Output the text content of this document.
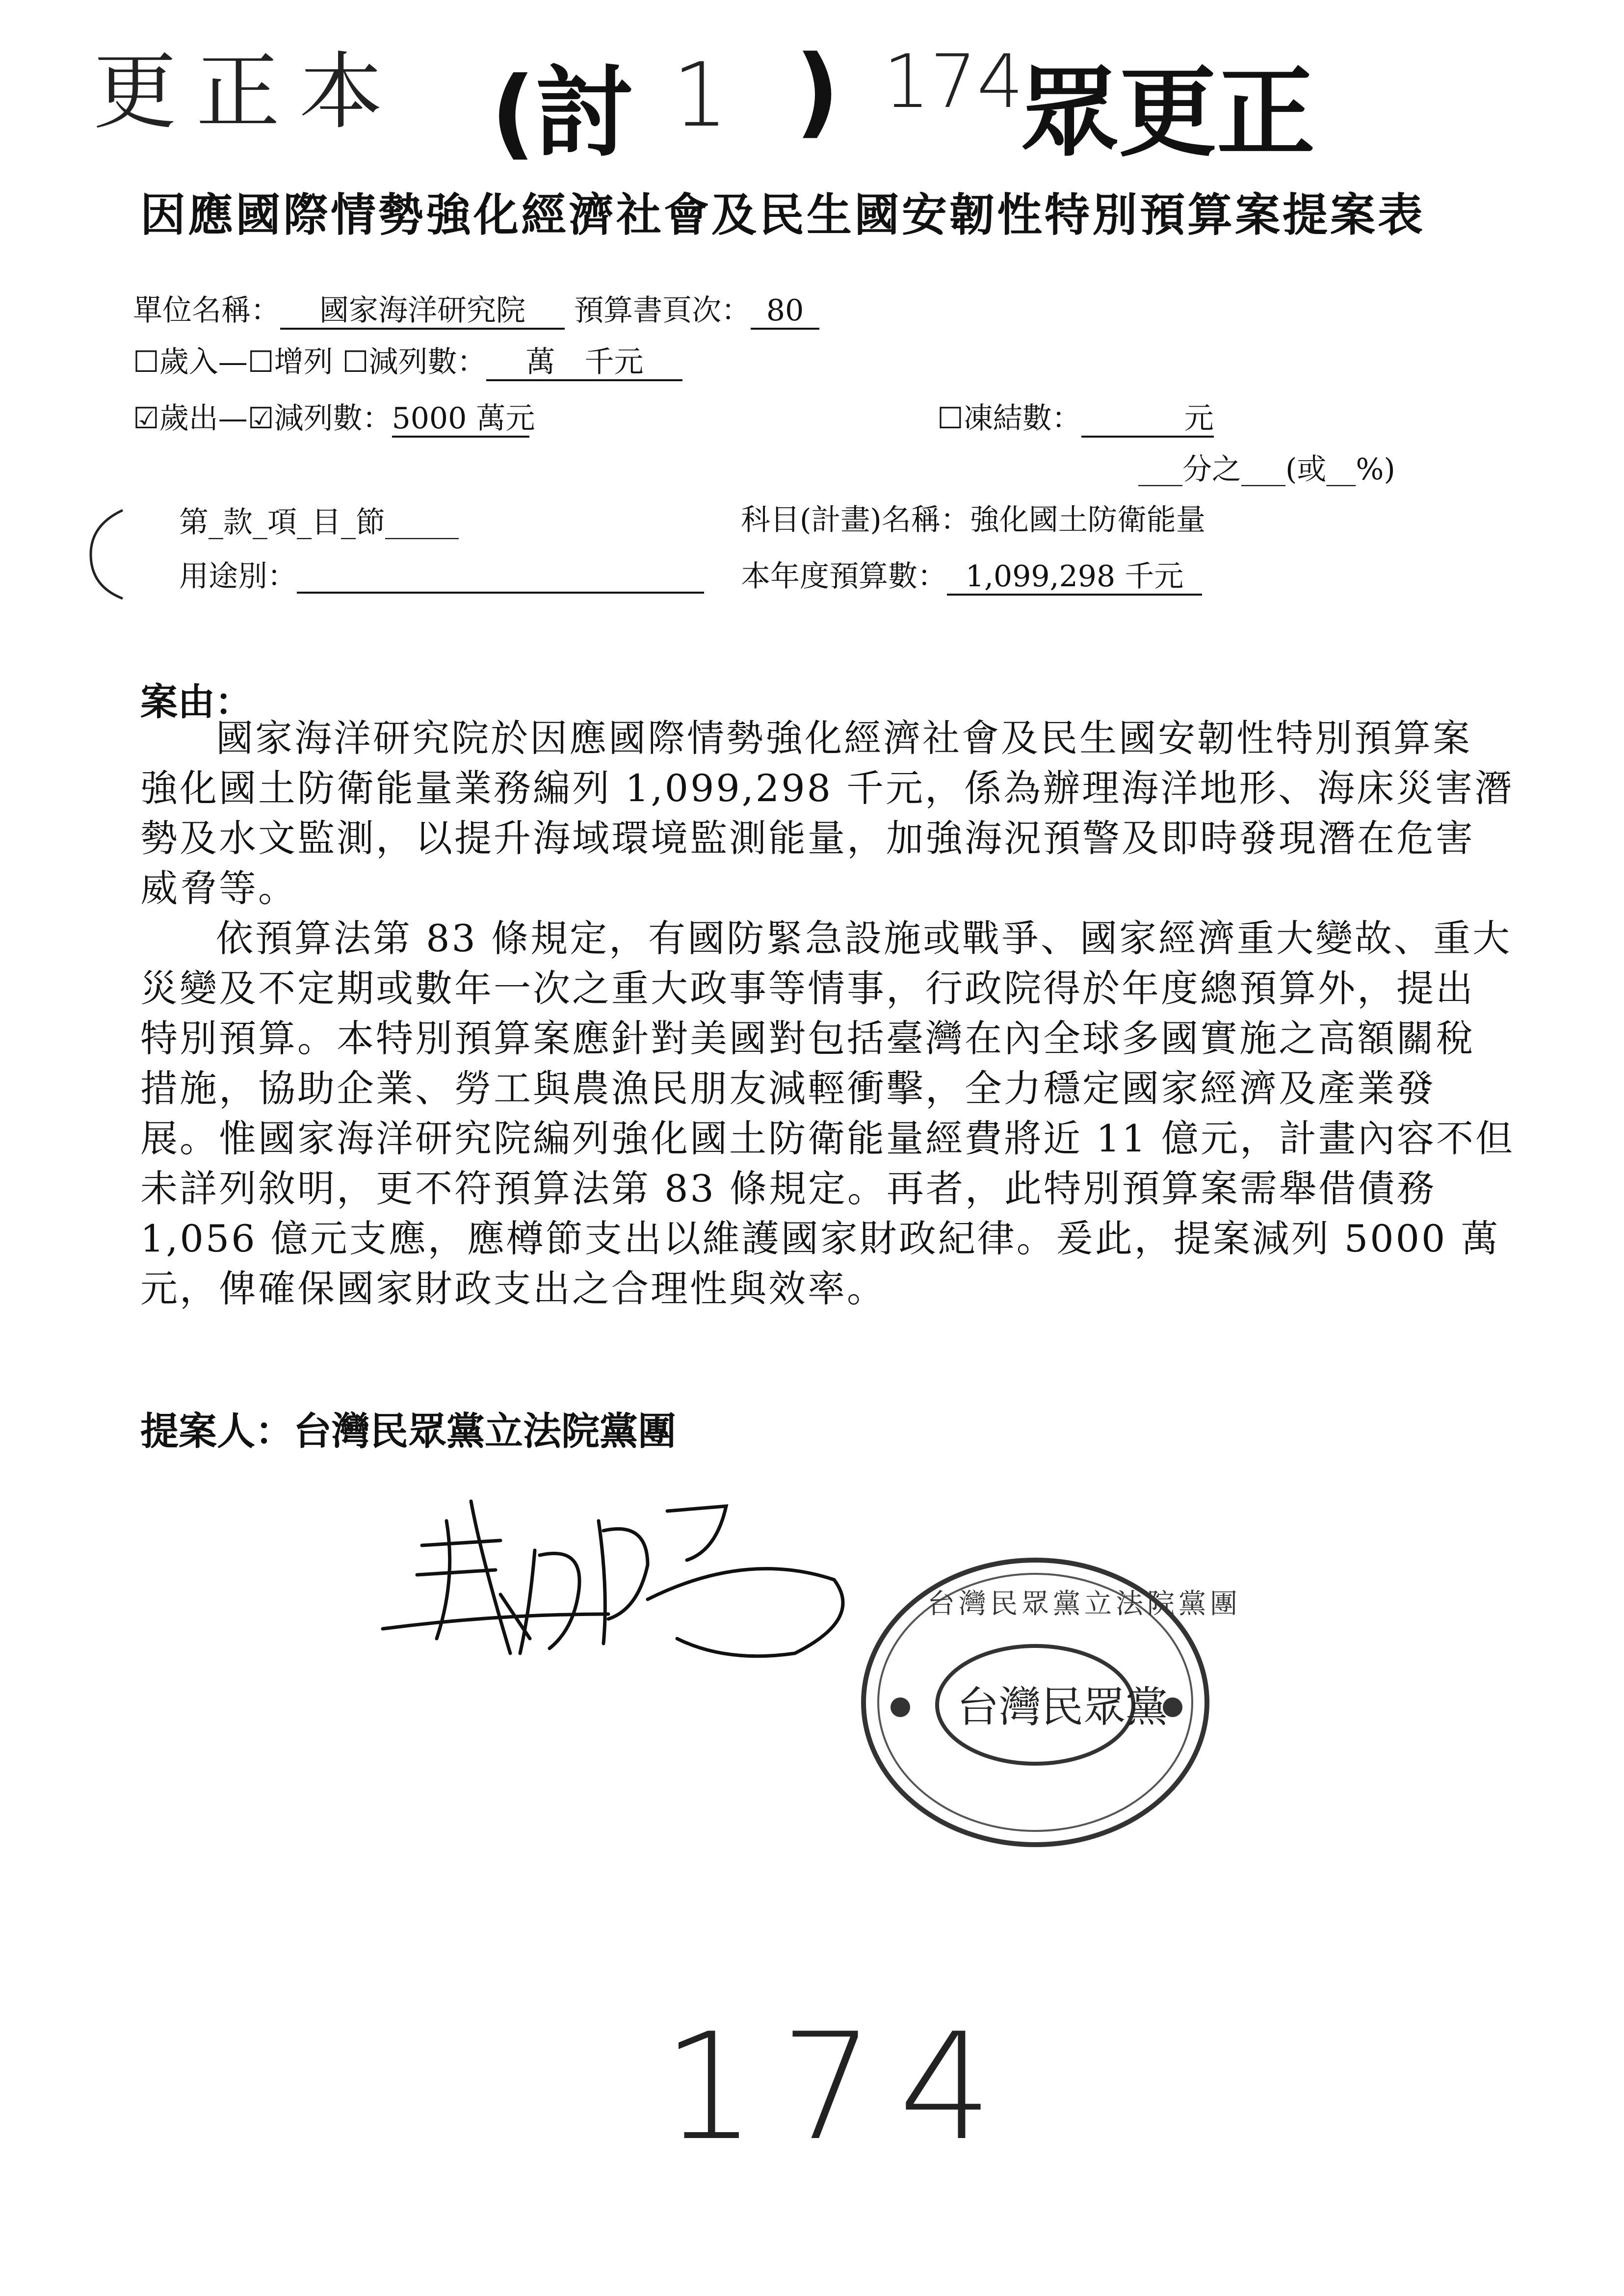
更正本 (討 1 ) 174
眾更正
因應國際情勢強化經濟社會及民生國安韌性特別預算案提案表
單位名稱： 國家海洋研究院 預算書頁次： 80
☐歲入—☐增列 ☐減列數： 萬　千元
☑歲出—☑減列數：5000 萬元	☐凍結數：	元
___分之___(或__%)
第_款_項_目_節_____
用途別：
科目(計畫)名稱：強化國土防衛能量
本年度預算數： 1,099,298 千元
案由：
國家海洋研究院於因應國際情勢強化經濟社會及民生國安韌性特別預算案
強化國土防衛能量業務編列 1,099,298 千元，係為辦理海洋地形、海床災害潛
勢及水文監測，以提升海域環境監測能量，加強海況預警及即時發現潛在危害
威脅等。
依預算法第 83 條規定，有國防緊急設施或戰爭、國家經濟重大變故、重大
災變及不定期或數年一次之重大政事等情事，行政院得於年度總預算外，提出
特別預算。本特別預算案應針對美國對包括臺灣在內全球多國實施之高額關稅
措施，協助企業、勞工與農漁民朋友減輕衝擊，全力穩定國家經濟及產業發
展。惟國家海洋研究院編列強化國土防衛能量經費將近 11 億元，計畫內容不但
未詳列敘明，更不符預算法第 83 條規定。再者，此特別預算案需舉借債務
1,056 億元支應，應樽節支出以維護國家財政紀律。爰此，提案減列 5000 萬
元，俾確保國家財政支出之合理性與效率。
提案人：台灣民眾黨立法院黨團
台灣民眾黨
台灣民眾黨立法院黨團
174
